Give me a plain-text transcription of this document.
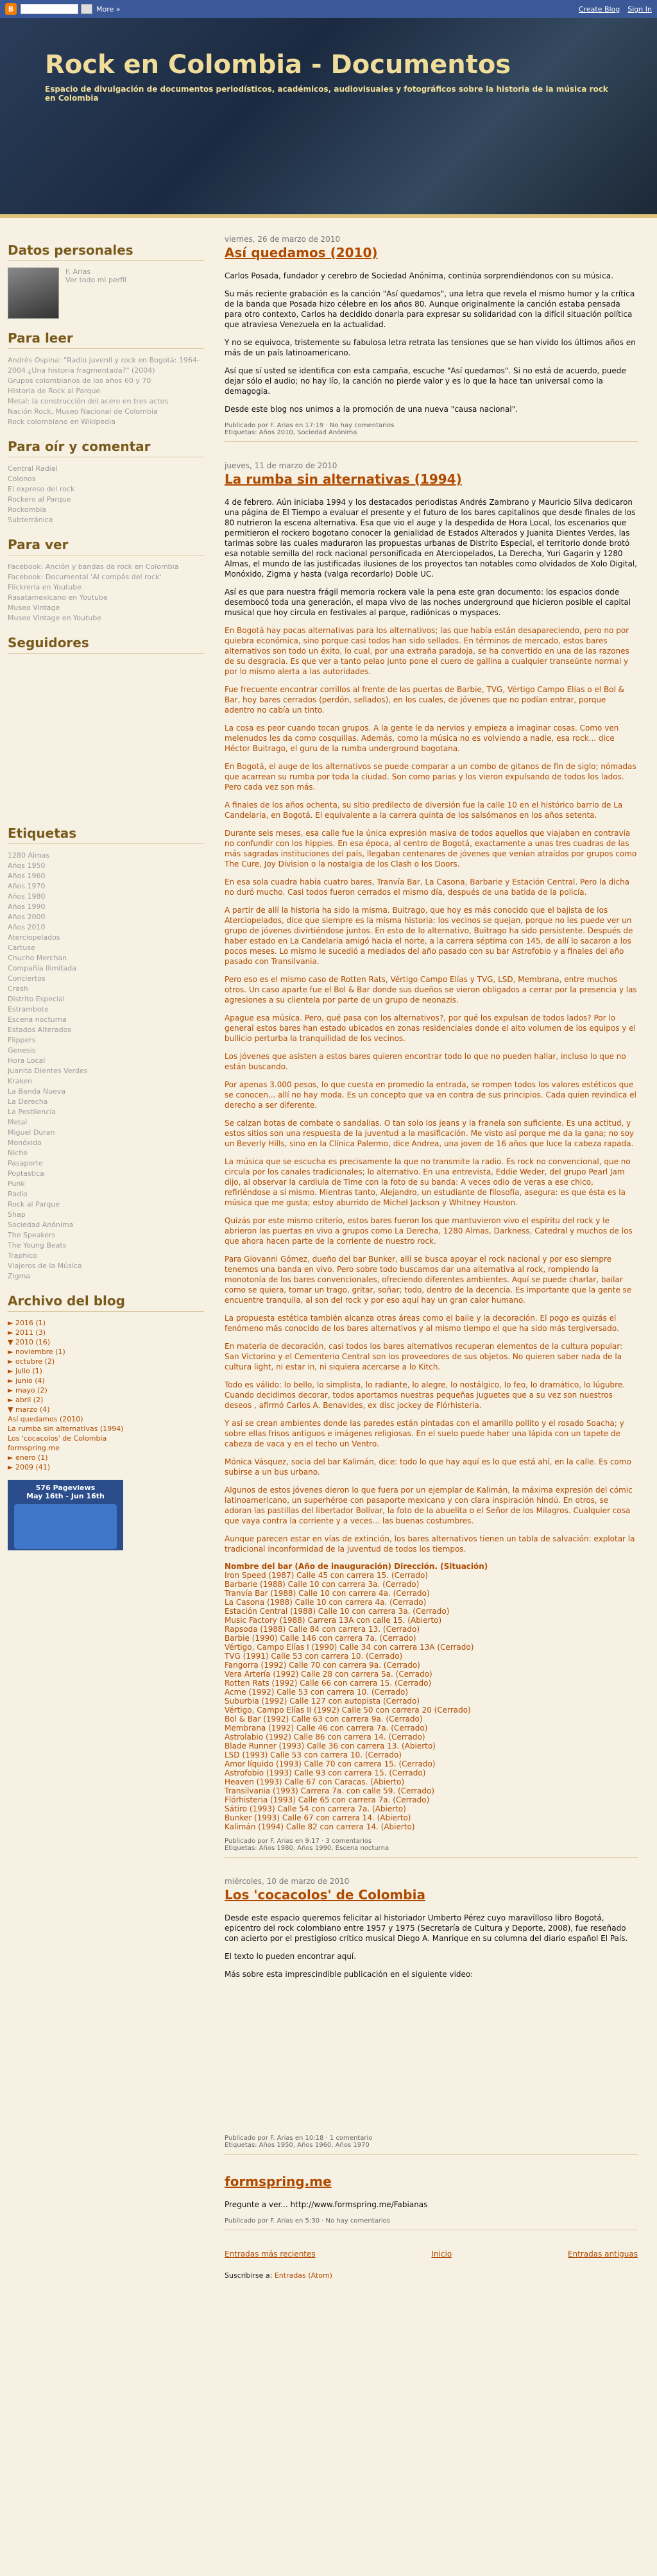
B	More »	Create Blog Sign In
Rock en Colombia - Documentos
Espacio de divulgación de documentos periodísticos, académicos, audiovisuales y fotográficos sobre la historia de la música rock en Colombia
Datos personales
F. Arias
Ver todo mi perfil
Para leer
Andrés Ospina: "Radio juvenil y rock en Bogotá: 1964-2004 ¿Una historia fragmentada?" (2004)
Grupos colombianos de los años 60 y 70
Historia de Rock al Parque
Metal: la construcción del acero en tres actos
Nación Rock, Museo Nacional de Colombia
Rock colombiano en Wikipedia
Para oír y comentar
Central Radial
Colonos
El expreso del rock
Rockero al Parque
Rockombia
Subterránica
Para ver
Facebook: Anción y bandas de rock en Colombia
Facebook: Documental 'Al compás del rock'
Flickrería en Youtube
Rasatamexicano en Youtube
Museo Vintage
Museo Vintage en Youtube
Seguidores
Etiquetas
1280 Almas
Años 1950
Años 1960
Años 1970
Años 1980
Años 1990
Años 2000
Años 2010
Aterciopelados
Cartuse
Chucho Merchan
Compañía Ilimitada
Conciertos
Crash
Distrito Especial
Estrambote
Escena nocturna
Estados Alterados
Flippers
Genesis
Hora Local
Juanita Dientes Verdes
Kraken
La Banda Nueva
La Derecha
La Pestilencia
Metal
Miguel Duran
Monóxido
Niche
Pasaporte
Poptastica
Punk
Radio
Rock al Parque
Shap
Sociedad Anónima
The Speakers
The Young Beats
Traphico
Viajeros de la Música
Zigma
Archivo del blog
► 2016 (1)
► 2011 (3)
▼ 2010 (16)
► noviembre (1)
► octubre (2)
► julio (1)
► junio (4)
► mayo (2)
► abril (2)
▼ marzo (4)
Así quedamos (2010)
La rumba sin alternativas (1994)
Los 'cocacolos' de Colombia
formspring.me
► enero (1)
► 2009 (41)
576 Pageviews
May 16th - Jun 16th
viernes, 26 de marzo de 2010
Así quedamos (2010)

Carlos Posada, fundador y cerebro de Sociedad Anónima, continúa sorprendiéndonos con su música.

Su más reciente grabación es la canción "Así quedamos", una letra que revela el mismo humor y la crítica de la banda que Posada hizo célebre en los años 80. Aunque originalmente la canción estaba pensada para otro contexto, Carlos ha decidido donarla para expresar su solidaridad con la difícil situación política que atraviesa Venezuela en la actualidad.

Y no se equivoca, tristemente su fabulosa letra retrata las tensiones que se han vivido los últimos años en más de un país latinoamericano.

Así que sí usted se identifica con esta campaña, escuche "Así quedamos". Si no está de acuerdo, puede dejar sólo el audio; no hay lío, la canción no pierde valor y es lo que la hace tan universal como la demagogia.

Desde este blog nos unimos a la promoción de una nueva "causa nacional".

Publicado por F. Arias en 17:19 · No hay comentarios
Etiquetas: Años 2010, Sociedad Anónima
jueves, 11 de marzo de 2010
La rumba sin alternativas (1994)

4 de febrero. Aún iniciaba 1994 y los destacados periodistas Andrés Zambrano y Mauricio Silva dedicaron una página de El Tiempo a evaluar el presente y el futuro de los bares capitalinos que desde finales de los 80 nutrieron la escena alternativa. Esa que vio el auge y la despedida de Hora Local, los escenarios que permitieron el rockero bogotano conocer la genialidad de Estados Alterados y Juanita Dientes Verdes, las tarimas sobre las cuales maduraron las propuestas urbanas de Distrito Especial, el territorio donde brotó esa notable semilla del rock nacional personificada en Aterciopelados, La Derecha, Yuri Gagarin y 1280 Almas, el mundo de las justificadas ilusiones de los proyectos tan notables como olvidados de Xolo Digital, Monóxido, Zigma y hasta (valga recordarlo) Doble UC.

Así es que para nuestra frágil memoria rockera vale la pena este gran documento: los espacios donde desembocó toda una generación, el mapa vivo de las noches underground que hicieron posible el capital musical que hoy circula en festivales al parque, radiónicas o myspaces.

En Bogotá hay pocas alternativas para los alternativos; las que había están desapareciendo, pero no por quiebra económica, sino porque casi todos han sido sellados. En términos de mercado, estos bares alternativos son todo un éxito, lo cual, por una extraña paradoja, se ha convertido en una de las razones de su desgracia. Es que ver a tanto pelao junto pone el cuero de gallina a cualquier transeúnte normal y por lo mismo alerta a las autoridades.

Fue frecuente encontrar corrillos al frente de las puertas de Barbie, TVG, Vértigo Campo Elías o el Bol & Bar, hoy bares cerrados (perdón, sellados), en los cuales, de jóvenes que no podían entrar, porque adentro no cabía un tinto.

La cosa es peor cuando tocan grupos. A la gente le da nervios y empieza a imaginar cosas. Como ven melenudos les da como cosquillas. Además, como la música no es volviendo a nadie, esa rock... dice Héctor Buitrago, el guru de la rumba underground bogotana.

En Bogotá, el auge de los alternativos se puede comparar a un combo de gitanos de fin de siglo; nómadas que acarrean su rumba por toda la ciudad. Son como parias y los vieron expulsando de todos los lados. Pero cada vez son más.

A finales de los años ochenta, su sitio predilecto de diversión fue la calle 10 en el histórico barrio de La Candelaria, en Bogotá. El equivalente a la carrera quinta de los salsómanos en los años setenta.

Durante seis meses, esa calle fue la única expresión masiva de todos aquellos que viajaban en contravía no confundir con los hippies. En esa época, al centro de Bogotá, exactamente a unas tres cuadras de las más sagradas instituciones del país, llegaban centenares de jóvenes que venían atraídos por grupos como The Cure, Joy Division o la nostalgia de los Clash o los Doors.

En esa sola cuadra había cuatro bares, Tranvía Bar, La Casona, Barbarie y Estación Central. Pero la dicha no duró mucho. Casi todos fueron cerrados el mismo día, después de una batida de la policía.

A partir de allí la historia ha sido la misma. Buitrago, que hoy es más conocido que el bajista de los Aterciopelados, dice que siempre es la misma historia: los vecinos se quejan, porque no les puede ver un grupo de jóvenes divirtiéndose juntos. En esto de lo alternativo, Buitrago ha sido persistente. Después de haber estado en La Candelaria amigó hacia el norte, a la carrera séptima con 145, de allí lo sacaron a los pocos meses. Lo mismo le sucedió a mediados del año pasado con su bar Astrofobio y a finales del año pasado con Transilvania.

Pero eso es el mismo caso de Rotten Rats, Vértigo Campo Elías y TVG, LSD, Membrana, entre muchos otros. Un caso aparte fue el Bol & Bar donde sus dueños se vieron obligados a cerrar por la presencia y las agresiones a su clientela por parte de un grupo de neonazis.

Apague esa música. Pero, qué pasa con los alternativos?, por qué los expulsan de todos lados? Por lo general estos bares han estado ubicados en zonas residenciales donde el alto volumen de los equipos y el bullicio perturba la tranquilidad de los vecinos.

Los jóvenes que asisten a estos bares quieren encontrar todo lo que no pueden hallar, incluso lo que no están buscando.

Por apenas 3.000 pesos, lo que cuesta en promedio la entrada, se rompen todos los valores estéticos que se conocen... allí no hay moda. Es un concepto que va en contra de sus principios. Cada quien revindica el derecho a ser diferente.

Se calzan botas de combate o sandalias. O tan solo los jeans y la franela son suficiente. Es una actitud, y estos sitios son una respuesta de la juventud a la masificación. Me visto así porque me da la gana; no soy un Beverly Hills, sino en la Clínica Palermo, dice Andrea, una joven de 16 años que luce la cabeza rapada.

La música que se escucha es precisamente la que no transmite la radio. Es rock no convencional, que no circula por los canales tradicionales; lo alternativo. En una entrevista, Eddie Weder, del grupo Pearl Jam dijo, al observar la cardiula de Time con la foto de su banda: A veces odio de veras a ese chico, refiriéndose a sí mismo. Mientras tanto, Alejandro, un estudiante de filosofía, asegura: es que ésta es la música que me gusta; estoy aburrido de Michel Jackson y Whitney Houston.

Quizás por este mismo criterio, estos bares fueron los que mantuvieron vivo el espíritu del rock y le abrieron las puertas en vivo a grupos como La Derecha, 1280 Almas, Darkness, Catedral y muchos de los que ahora hacen parte de la corriente de nuestro rock.

Para Giovanni Gómez, dueño del bar Bunker, allí se busca apoyar el rock nacional y por eso siempre tenemos una banda en vivo. Pero sobre todo buscamos dar una alternativa al rock, rompiendo la monotonía de los bares convencionales, ofreciendo diferentes ambientes. Aquí se puede charlar, bailar como se quiera, tomar un trago, gritar, soñar; todo, dentro de la decencia. Es importante que la gente se encuentre tranquila, al son del rock y por eso aquí hay un gran calor humano.

La propuesta estética también alcanza otras áreas como el baile y la decoración. El pogo es quizás el fenómeno más conocido de los bares alternativos y al mismo tiempo el que ha sido más tergiversado.

En materia de decoración, casi todos los bares alternativos recuperan elementos de la cultura popular: San Victorino y el Cementerio Central son los proveedores de sus objetos. No quieren saber nada de la cultura light, ni estar in, ni siquiera acercarse a lo Kitch.

Todo es válido: lo bello, lo simplista, lo radiante, lo alegre, lo nostálgico, lo feo, lo dramático, lo lúgubre. Cuando decidimos decorar, todos aportamos nuestras pequeñas juguetes que a su vez son nuestros deseos , afirmó Carlos A. Benavides, ex disc jockey de Flórhisteria.

Y así se crean ambientes donde las paredes están pintadas con el amarillo pollito y el rosado Soacha; y sobre ellas frisos antiguos e imágenes religiosas. En el suelo puede haber una lápida con un tapete de cabeza de vaca y en el techo un Ventro.

Mónica Vásquez, socia del bar Kalimán, dice: todo lo que hay aquí es lo que está ahí, en la calle. Es como subirse a un bus urbano.

Algunos de estos jóvenes dieron lo que fuera por un ejemplar de Kalimán, la máxima expresión del cómic latinoamericano, un superhéroe con pasaporte mexicano y con clara inspiración hindú. En otros, se adoran las pastillas del libertador Bolívar, la foto de la abuelita o el Señor de los Milagros. Cualquier cosa que vaya contra la corriente y a veces... las buenas costumbres.

Aunque parecen estar en vías de extinción, los bares alternativos tienen un tabla de salvación: explotar la tradicional inconformidad de la juventud de todos los tiempos.

Nombre del bar (Año de inauguración) Dirección. (Situación)
Iron Speed (1987) Calle 45 con carrera 15. (Cerrado)
Barbarie (1988) Calle 10 con carrera 3a. (Cerrado)
Tranvía Bar (1988) Calle 10 con carrera 4a. (Cerrado)
La Casona (1988) Calle 10 con carrera 4a. (Cerrado)
Estación Central (1988) Calle 10 con carrera 3a. (Cerrado)
Music Factory (1988) Carrera 13A con calle 15. (Abierto)
Rapsoda (1988) Calle 84 con carrera 13. (Cerrado)
Barbie (1990) Calle 146 con carrera 7a. (Cerrado)
Vértigo, Campo Elías I (1990) Calle 34 con carrera 13A (Cerrado)
TVG (1991) Calle 53 con carrera 10. (Cerrado)
Fangorra (1992) Calle 70 con carrera 9a. (Cerrado)
Vera Artería (1992) Calle 28 con carrera 5a. (Cerrado)
Rotten Rats (1992) Calle 66 con carrera 15. (Cerrado)
Acme (1992) Calle 53 con carrera 10. (Cerrado)
Suburbia (1992) Calle 127 con autopista (Cerrado)
Vértigo, Campo Elías II (1992) Calle 50 con carrera 20 (Cerrado)
Bol & Bar (1992) Calle 63 con carrera 9a. (Cerrado)
Membrana (1992) Calle 46 con carrera 7a. (Cerrado)
Astrolabio (1992) Calle 86 con carrera 14. (Cerrado)
Blade Runner (1993) Calle 36 con carrera 13. (Abierto)
LSD (1993) Calle 53 con carrera 10. (Cerrado)
Amor líquido (1993) Calle 70 con carrera 15. (Cerrado)
Astrofobio (1993) Calle 93 con carrera 15. (Cerrado)
Heaven (1993) Calle 67 con Caracas. (Abierto)
Transilvania (1993) Carrera 7a. con calle 59. (Cerrado)
Flórhisteria (1993) Calle 65 con carrera 7a. (Cerrado)
Sátiro (1993) Calle 54 con carrera 7a. (Abierto)
Bunker (1993) Calle 67 con carrera 14. (Abierto)
Kalimán (1994) Calle 82 con carrera 14. (Abierto)
Publicado por F. Arias en 9:17 · 3 comentarios
Etiquetas: Años 1980, Años 1990, Escena nocturna
miércoles, 10 de marzo de 2010
Los 'cocacolos' de Colombia

Desde este espacio queremos felicitar al historiador Umberto Pérez cuyo maravilloso libro Bogotá, epicentro del rock colombiano entre 1957 y 1975 (Secretaría de Cultura y Deporte, 2008), fue reseñado con acierto por el prestigioso crítico musical Diego A. Manrique en su columna del diario español El País.

El texto lo pueden encontrar aquí.

Más sobre esta imprescindible publicación en el siguiente video:

Publicado por F. Arias en 10:18 · 1 comentario
Etiquetas: Años 1950, Años 1960, Años 1970
formspring.me

Pregunte a ver... http://www.formspring.me/Fabianas

Publicado por F. Arias en 5:30 · No hay comentarios
Entradas más recientes	Inicio	Entradas antiguas
Suscribirse a: Entradas (Atom)
